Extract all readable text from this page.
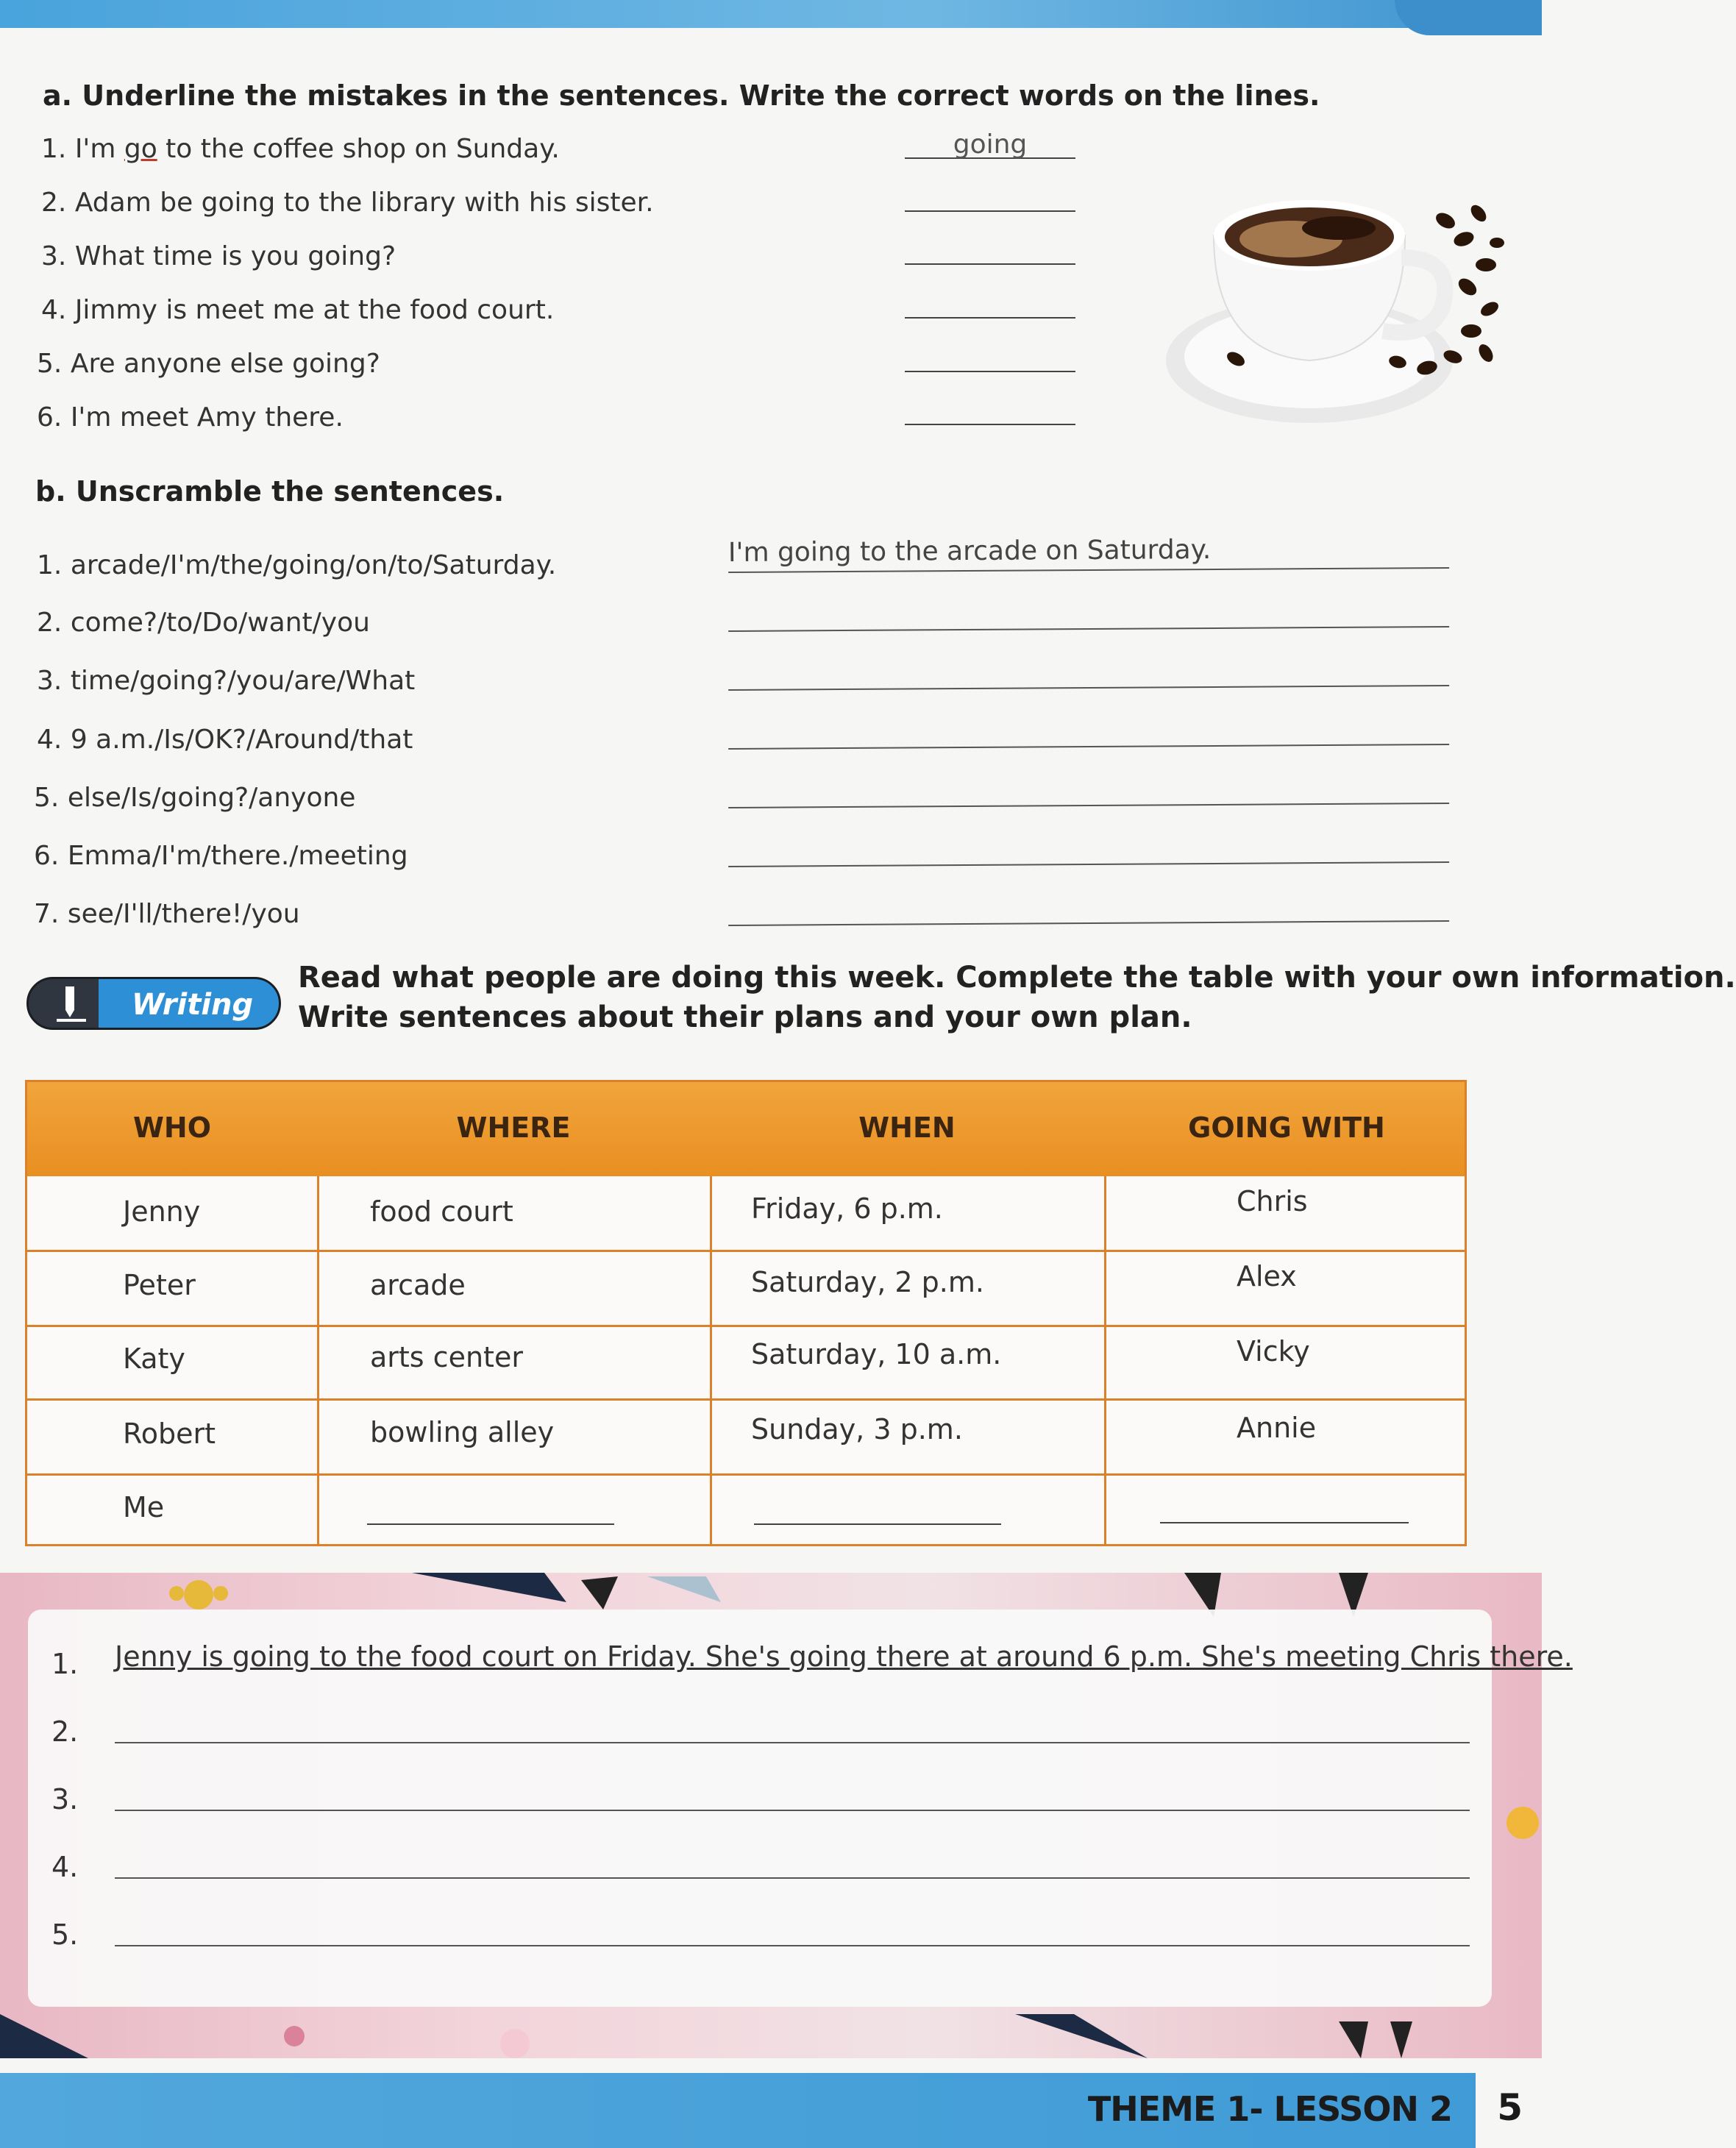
a. Underline the mistakes in the sentences. Write the correct words on the lines.
1. I'm go to the coffee shop on Sunday.	going
2. Adam be going to the library with his sister.
3. What time is you going?
4. Jimmy is meet me at the food court.
5. Are anyone else going?
6. I'm meet Amy there.
b. Unscramble the sentences.
1. arcade/I'm/the/going/on/to/Saturday.	I'm going to the arcade on Saturday.
2. come?/to/Do/want/you
3. time/going?/you/are/What
4. 9 a.m./Is/OK?/Around/that
5. else/Is/going?/anyone
6. Emma/I'm/there./meeting
7. see/I'll/there!/you
Writing
Read what people are doing this week. Complete the table with your own information.
Write sentences about their plans and your own plan.
WHO	WHERE	WHEN	GOING WITH
Jenny	food court	Friday, 6 p.m.	Chris
Peter	arcade	Saturday, 2 p.m.	Alex
Katy	arts center	Saturday, 10 a.m.	Vicky
Robert	bowling alley	Sunday, 3 p.m.	Annie
Me
1. Jenny is going to the food court on Friday. She's going there at around 6 p.m. She's meeting Chris there.
2.
3.
4.
5.
THEME 1- LESSON 2 5
